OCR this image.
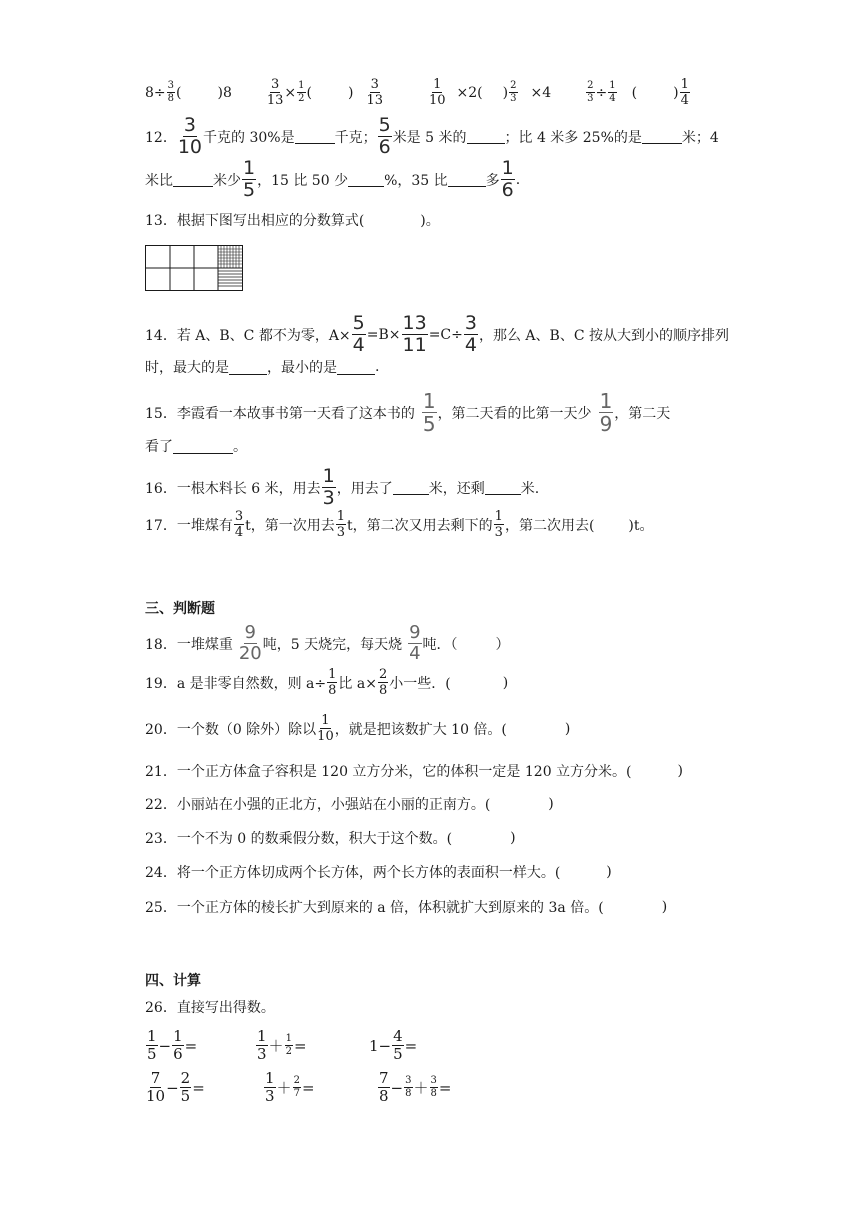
$8\div \frac{3}{8}$ (	)8	$\frac{3}{13} \times \frac{1}{2}$ (	) $\frac{3}{13}$	$\frac{1}{10} \times 2$( ) $\frac{2}{3} \times 4$	$\frac{2}{3} \div \frac{1}{4}$ (	) $\frac{1}{4}$
12． $\frac{3}{10}$ 千克的 30%是	千克； $\frac{5}{6}$ 米是 5 米的	；比 4 米多 25%的是	米；4
米比	米少 $\frac{1}{5}$ ，15 比 50 少	%，35 比	多 $\frac{1}{6}$ .
13．根据下图写出相应的分数算式(	)。
14．若 A、B、C 都不为零，$A\times \frac{5}{4} =B\times \frac{13}{11} =C\div \frac{3}{4}$ ，那么 A、B、C 按从大到小的顺序排列
时，最大的是	，最小的是	.
15．李霞看一本故事书第一天看了这本书的 $\frac{1}{5}$ ，第二天看的比第一天少 $\frac{1}{9}$ ，第二天
看了	。
16．一根木料长 6 米，用去 $\frac{1}{3}$ ，用去了	米，还剩	米.
17．一堆煤有 $\frac{3}{4}$ t，第一次用去 $\frac{1}{3}$ t，第二次又用去剩下的 $\frac{1}{3}$ ，第二次用去( )t。
三、判断题
18．一堆煤重 $\frac{9}{20}$ 吨，5 天烧完，每天烧 $\frac{9}{4}$ 吨．（	）
19．a 是非零自然数，则 $a\div \frac{1}{8}$ 比 $a\times \frac{2}{8}$ 小一些．(	)
20．一个数（0 除外）除以 $\frac{1}{10}$ ，就是把该数扩大 10 倍。(	)
21．一个正方体盒子容积是 120 立方分米，它的体积一定是 120 立方分米。(	)
22．小丽站在小强的正北方，小强站在小丽的正南方。(	)
23．一个不为 0 的数乘假分数，积大于这个数。(	)
24．将一个正方体切成两个长方体，两个长方体的表面积一样大。(	)
25．一个正方体的棱长扩大到原来的 a 倍，体积就扩大到原来的 3a 倍。(	)
四、计算
26．直接写出得数。
$\frac{1}{5} - \frac{1}{6}$ =	$\frac{1}{3} + \frac{1}{2}$ =	$1- \frac{4}{5}$ =
$\frac{7}{10} - \frac{2}{5}$ =	$\frac{1}{3} + \frac{2}{7}$ =	$\frac{7}{8} - \frac{3}{8} + \frac{3}{8}$ =
